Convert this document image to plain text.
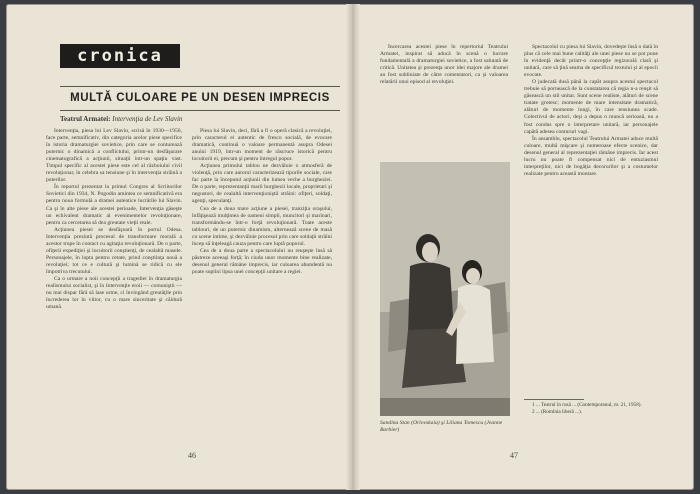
cronica
MULTĂ CULOARE PE UN DESEN IMPRECIS
Teatrul Armatei: Intervenţia de Lev Slavin

Intervenţia, piesa lui Lev Slavin, scrisă în 1930—1956, face parte, semnificativ, din categoria acelor piese specifice în istoria dramaturgiei sovietice, prin care se conturează puternic o dinamică a conflictului, printr-un desfăşurare cinematografică a acţiunii, situaţii intr-un spaţiu vast. Timpul specific al acestei piese este cel al războiului civil revoluţionar, în celebra sa tensiune şi în intervenţia străină a puterilor.

În reportul prezentat la primul Congres al Scriitorilor Sovietici din 1934, N. Pogodin amintea ce semnificativă era pentru noua formulă a dramei autentice lucrările lui Slavin. Ca şi în alte piese ale acestei perioade, Intervenţia găseşte un echivalent dramatic al evenimentelor revoluţionare, pentru ca cercetarea să dea greutate vieţii reale.

Acţiunea piesei se desfăşoară în portul Odesa. Intervenţia prezintă procesul de transformare morală a acestor trupe în contact cu agitaţia revoluţionară. De o parte, ofiţerii expediţiei şi locuitorii conştienţi, de cealaltă masele. Personajele, în lupta pentru cetate, prind conştiinţa nouă a revoluţiei; tot ce e cultură şi lumină se ridică cu ele împotriva trecutului.

Ca o urmare a noii concepţii a tragediei în dramaturgia realismului socialist, şi în Intervenţie eroii — comuniştii — nu mai dispar fără să lase urme, ci învingând greutăţile prin încrederea lor în viitor, cu o mare sinceritate şi căldură umană.

Piesa lui Slavin, deci, fără a fi o operă clasică a revoluţiei, prin caracterul ei autentic de fresco socială, de evocare dramatică, continuă o valoare permanentă asupra Odesei anului 1919, într-un moment de răscruce istorică pentru locuitorii ei, precum şi pentru întregul popor.

Acţiunea primului tablou ne dezvăluie o atmosferă de violenţă, prin care autorul caracterizează tipurile sociale, care fac parte la începutul acţiunii din lumea veche a burgheziei. De o parte, reprezentanţii marii burghezii locale, proprietari şi negustori, de cealaltă intervenţioniştii străini: ofiţeri, soldaţi, agenţi, speculanţi.

Cea de a doua mare acţiune a piesei, tranziţia oraşului, înfăţişează mulţimea de oameni simpli, muncitori şi marinari, transformându-se într-o forţă revoluţionară. Toate aceste tablouri, de un puternic dinamism, alternează scene de masă cu scene intime, şi dezvăluie procesul prin care soldaţii străini încep să înţeleagă cauza pentru care luptă poporul.

Cea de a doua parte a spectacolului nu reuşeşte însă să păstreze aceeaşi forţă; în ciuda unor momente bine realizate, desenul general rămâne imprecis, iar culoarea abundentă nu poate suplini lipsa unei concepţii unitare a regiei.

46

Încercarea acestei piese în repertoriul Teatrului Armatei, inspirat să aducă în scenă o lucrare fundamentală a dramaturgiei sovietice, a fost salutată de critică. Unitatea şi prezenţa unor idei majore ale dramei au fost subliniate de către comentatori, ca şi valoarea relatării unui episod al revoluţiei.

Sandina Stan (Orlovskaia) şi Liliana Tomescu (Jeanne Barbier)

Spectacolul cu piesa lui Slavin, dovedeşte însă o dată în plus că cele mai bune calităţi ale unei piese nu se pot pune în evidenţă decât printr-o concepţie regizorală clară şi unitară, care să ţină seama de specificul textului şi al epocii evocate.

O judecată dusă până la capăt asupra acestui spectacol trebuie să pornească de la constatarea că regia n-a reuşit să găsească un stil unitar. Sunt scene realiste, alături de scene tratate grotesc; momente de mare intensitate dramatică, alături de momente lungi, în care tensiunea scade. Colectivul de actori, deşi a depus o muncă serioasă, nu a fost condus spre o interpretare unitară, iar personajele capătă adesea contururi vagi.

În ansamblu, spectacolul Teatrului Armatei aduce multă culoare, multă mişcare şi numeroase efecte scenice, dar desenul general al reprezentaţiei rămâne imprecis. Iar acest lucru nu poate fi compensat nici de entuziasmul interpreţilor, nici de bogăţia decorurilor şi a costumelor realizate pentru această montare.

1 ... Teatrul în rusă ... (Contemporanul, nr. 21, 1958).

2 ... (Romînia liberă ...).

47
